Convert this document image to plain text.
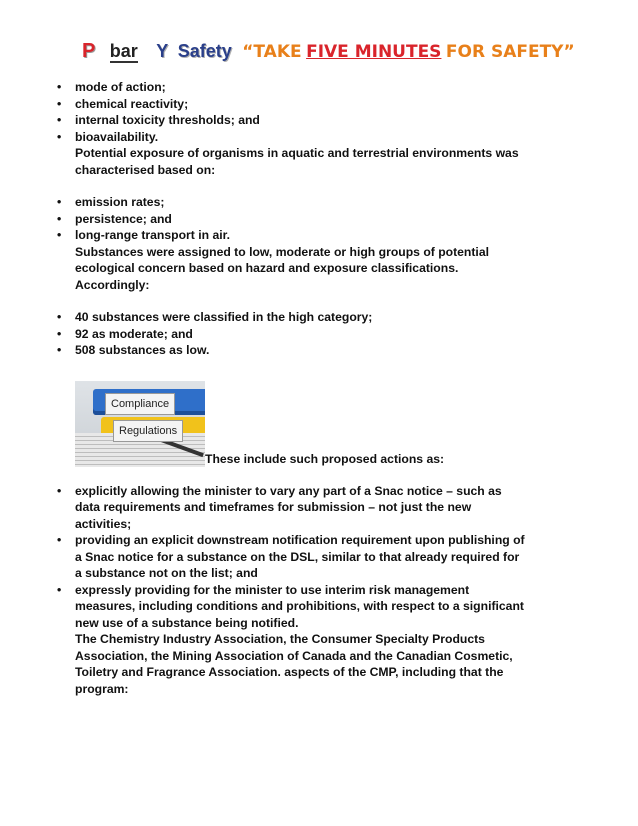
P bar Y Safety “TAKE FIVE MINUTES FOR SAFETY”
• mode of action;
• chemical reactivity;
• internal toxicity thresholds; and
• bioavailability.
Potential exposure of organisms in aquatic and terrestrial environments was
characterised based on:
• emission rates;
• persistence; and
• long-range transport in air.
Substances were assigned to low, moderate or high groups of potential
ecological concern based on hazard and exposure classifications.
Accordingly:
• 40 substances were classified in the high category;
• 92 as moderate; and
• 508 substances as low.
Compliance
Regulations
These include such proposed actions as:
• explicitly allowing the minister to vary any part of a Snac notice – such as
data requirements and timeframes for submission – not just the new
activities;
• providing an explicit downstream notification requirement upon publishing of
a Snac notice for a substance on the DSL, similar to that already required for
a substance not on the list; and
• expressly providing for the minister to use interim risk management
measures, including conditions and prohibitions, with respect to a significant
new use of a substance being notified.
The Chemistry Industry Association, the Consumer Specialty Products
Association, the Mining Association of Canada and the Canadian Cosmetic,
Toiletry and Fragrance Association. aspects of the CMP, including that the
program:
